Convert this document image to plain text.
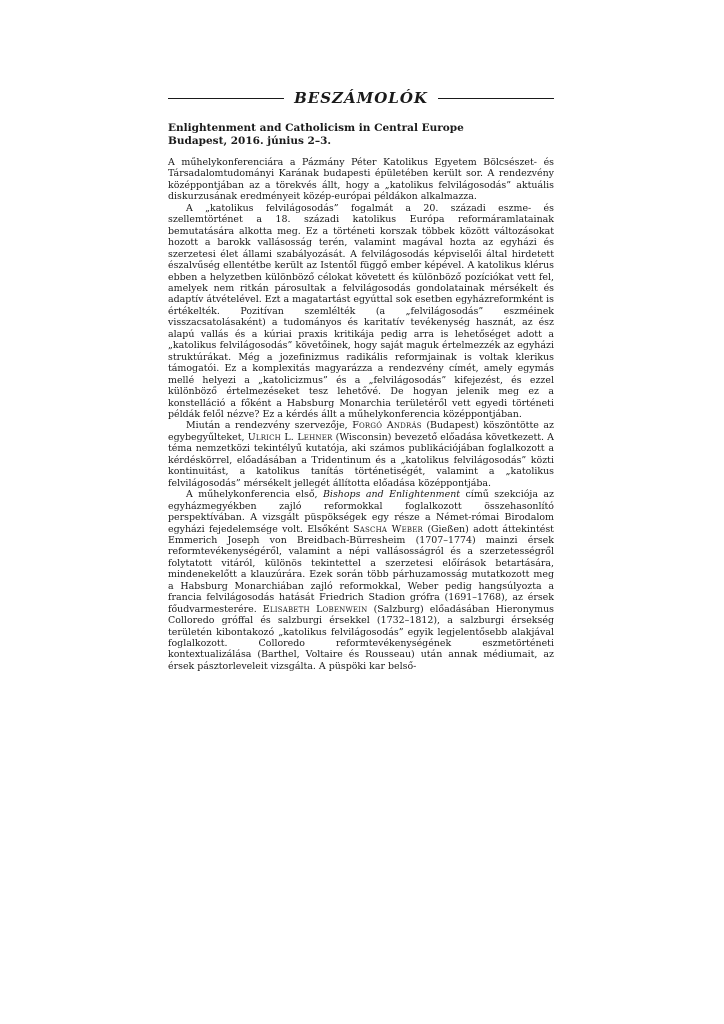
BESZÁMOLÓK
Enlightenment and Catholicism in Central Europe
Budapest, 2016. június 2–3.

A műhelykonferenciára a Pázmány Péter Katolikus Egyetem Bölcsészet- és Társadalomtudományi Karának budapesti épületében került sor. A rendezvény középpontjában az a törekvés állt, hogy a „katolikus felvilágosodás” aktuális diskurzusának eredményeit közép-európai példákon alkalmazza.

A „katolikus felvilágosodás” fogalmát a 20. századi eszme- és szellemtörténet a 18. századi katolikus Európa reformáramlatainak bemutatására alkotta meg. Ez a történeti korszak többek között változásokat hozott a barokk vallásosság terén, valamint magával hozta az egyházi és szerzetesi élet állami szabályozását. A felvilágosodás képviselői által hirdetett észalvűség ellentétbe került az Istentől függő ember képével. A katolikus klérus ebben a helyzetben különböző célokat követett és különböző pozíciókat vett fel, amelyek nem ritkán párosultak a felvilágosodás gondolatainak mérsékelt és adaptív átvételével. Ezt a magatartást egyúttal sok esetben egyházreformként is értékelték. Pozitívan szemlélték (a „felvilágosodás” eszméinek visszacsatolásaként) a tudományos és karitatív tevékenység hasznát, az ész alapú vallás és a kúriai praxis kritikája pedig arra is lehetőséget adott a „katolikus felvilágosodás” követőinek, hogy saját maguk értelmezzék az egyházi struktúrákat. Még a jozefinizmus radikális reformjainak is voltak klerikus támogatói. Ez a komplexitás magyarázza a rendezvény címét, amely egymás mellé helyezi a „katolicizmus” és a „felvilágosodás” kifejezést, és ezzel különböző értelmezéseket tesz lehetővé. De hogyan jelenik meg ez a konstelláció a főként a Habsburg Monarchia területéről vett egyedi történeti példák felől nézve? Ez a kérdés állt a műhelykonferencia középpontjában.

Miután a rendezvény szervezője, Forgó András (Budapest) köszöntötte az egybegyűlteket, Ulrich L. Lehner (Wisconsin) bevezető előadása következett. A téma nemzetközi tekintélyű kutatója, aki számos publikációjában foglalkozott a kérdéskörrel, előadásában a Tridentinum és a „katolikus felvilágosodás” közti kontinuitást, a katolikus tanítás történetiségét, valamint a „katolikus felvilágosodás” mérsékelt jellegét állította előadása középpontjába.

A műhelykonferencia első, Bishops and Enlightenment című szekciója az egyházmegyékben zajló reformokkal foglalkozott összehasonlító perspektívában. A vizsgált püspökségek egy része a Német-római Birodalom egyházi fejedelemsége volt. Elsőként Sascha Weber (Gießen) adott áttekintést Emmerich Joseph von Breidbach-Bürresheim (1707–1774) mainzi érsek reformtevékenységéről, valamint a népi vallásosságról és a szerzetességről folytatott vitáról, különös tekintettel a szerzetesi előírások betartására, mindenekelőtt a klauzúrára. Ezek során több párhuzamosság mutatkozott meg a Habsburg Monarchiában zajló reformokkal, Weber pedig hangsúlyozta a francia felvilágosodás hatását Friedrich Stadion grófra (1691–1768), az érsek főudvarmesterére. Elisabeth Lobenwein (Salzburg) előadásában Hieronymus Colloredo gróffal és salzburgi érsekkel (1732–1812), a salzburgi érsekség területén kibontakozó „katolikus felvilágosodás” egyik legjelentősebb alakjával foglalkozott. Colloredo reformtevékenységének eszmetörténeti kontextualizálása (Barthel, Voltaire és Rousseau) után annak médiumait, az érsek pásztorleveleit vizsgálta. A püspöki kar belső-
